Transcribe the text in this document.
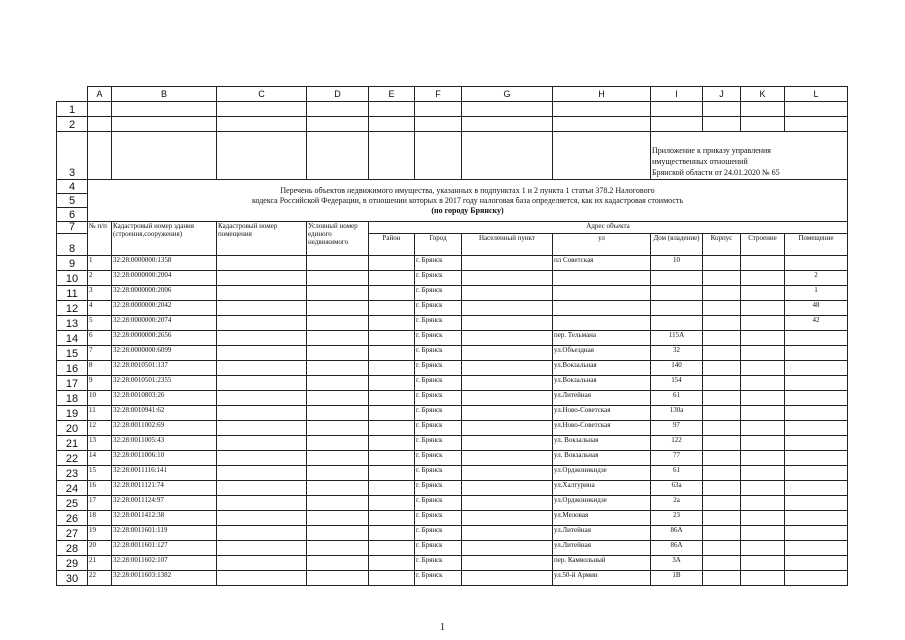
	A	B	C	D	E	F	G	H	I	J	K	L
1												
2												
3									Приложение к приказу управления
имущественных отношений
Брянской области от 24.01.2020 № 65			

4	Перечень объектов недвижимого имущества, указанных в подпунктах 1 и 2 пункта 1 статьи 378.2 Налогового
кодекса Российской Федерации, в отношении которых в 2017 году налоговая база определяется, как их кадастровая стоимость
(по городу Брянску)											

5												
6												
7	№ п/п	Кадастровый номер здания (строения,сооружения)	Кадастровый номер помещения	Условный номер единого недвижимого	Адрес объекта							
8					Район	Город	Населенный пункт	ул	Дом (владение)	Корпус	Строение	Помещение
9	1	32:28:0000000:1358				г. Брянск		пл Советская	10			
10	2	32:28:0000000:2004				г. Брянск						2
11	3	32:28:0000000:2006				г. Брянск						1
12	4	32:28:0000000:2042				г. Брянск						48
13	5	32:28:0000000:2074				г. Брянск						42
14	6	32:28:0000000:2656				г. Брянск		пер. Тельмана	115А			
15	7	32:28:0000000:6099				г. Брянск		ул.Объездная	32			
16	8	32:28:0010501:137				г. Брянск		ул.Вокзальная	140			
17	9	32:28:0010501:2355				г. Брянск		ул.Вокзальная	154			
18	10	32:28:0010803:26				г. Брянск		ул.Литейная	61			
19	11	32:28:0010941:62				г. Брянск		ул.Ново-Советская	130а			
20	12	32:28:0011002:69				г. Брянск		ул.Ново-Советская	97			
21	13	32:28:0011005:43				г. Брянск		ул. Вокзальная	122			
22	14	32:28:0011006:10				г. Брянск		ул. Вокзальная	77			
23	15	32:28:0011116:141				г. Брянск		ул.Орджоникидзе	61			
24	16	32:28:0011121:74				г. Брянск		ул.Халтурина	63а			
25	17	32:28:0011124:97				г. Брянск		ул.Орджоникидзе	2а			
26	18	32:28:0011412:38				г. Брянск		ул.Меловая	23			
27	19	32:28:0011601:119				г. Брянск		ул.Литейная	86А			
28	20	32:28:0011601:127				г. Брянск		ул.Литейная	86А			
29	21	32:28:0011602:107				г. Брянск		пер. Камвольный	3А			
30	22	32:28:0011603:1382				г. Брянск		ул.50-й Армии	1В			
1
